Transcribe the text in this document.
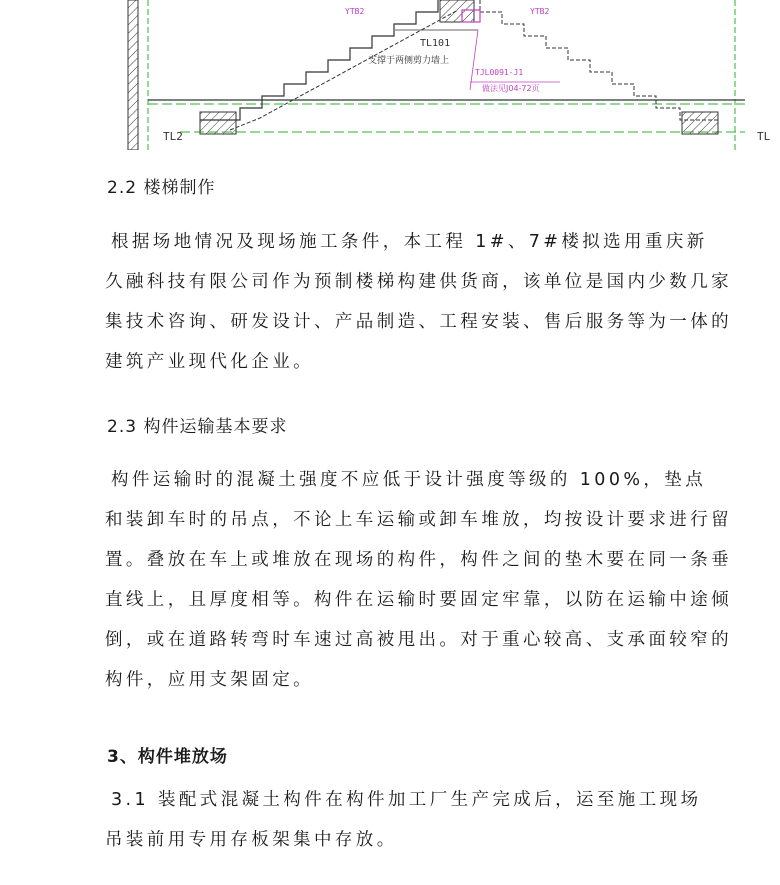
YTB2	YTB2
TL101
支撑于两侧剪力墙上
TJL0091-J1
做法见J04-72页
TL2	TL
2.2 楼梯制作
根据场地情况及现场施工条件，本工程 1#、7#楼拟选用重庆新
久融科技有限公司作为预制楼梯构建供货商，该单位是国内少数几家
集技术咨询、研发设计、产品制造、工程安装、售后服务等为一体的
建筑产业现代化企业。
2.3 构件运输基本要求
构件运输时的混凝土强度不应低于设计强度等级的 100%，垫点
和装卸车时的吊点，不论上车运输或卸车堆放，均按设计要求进行留
置。叠放在车上或堆放在现场的构件，构件之间的垫木要在同一条垂
直线上，且厚度相等。构件在运输时要固定牢靠，以防在运输中途倾
倒，或在道路转弯时车速过高被甩出。对于重心较高、支承面较窄的
构件，应用支架固定。
3、构件堆放场
3.1 装配式混凝土构件在构件加工厂生产完成后，运至施工现场
吊装前用专用存板架集中存放。
